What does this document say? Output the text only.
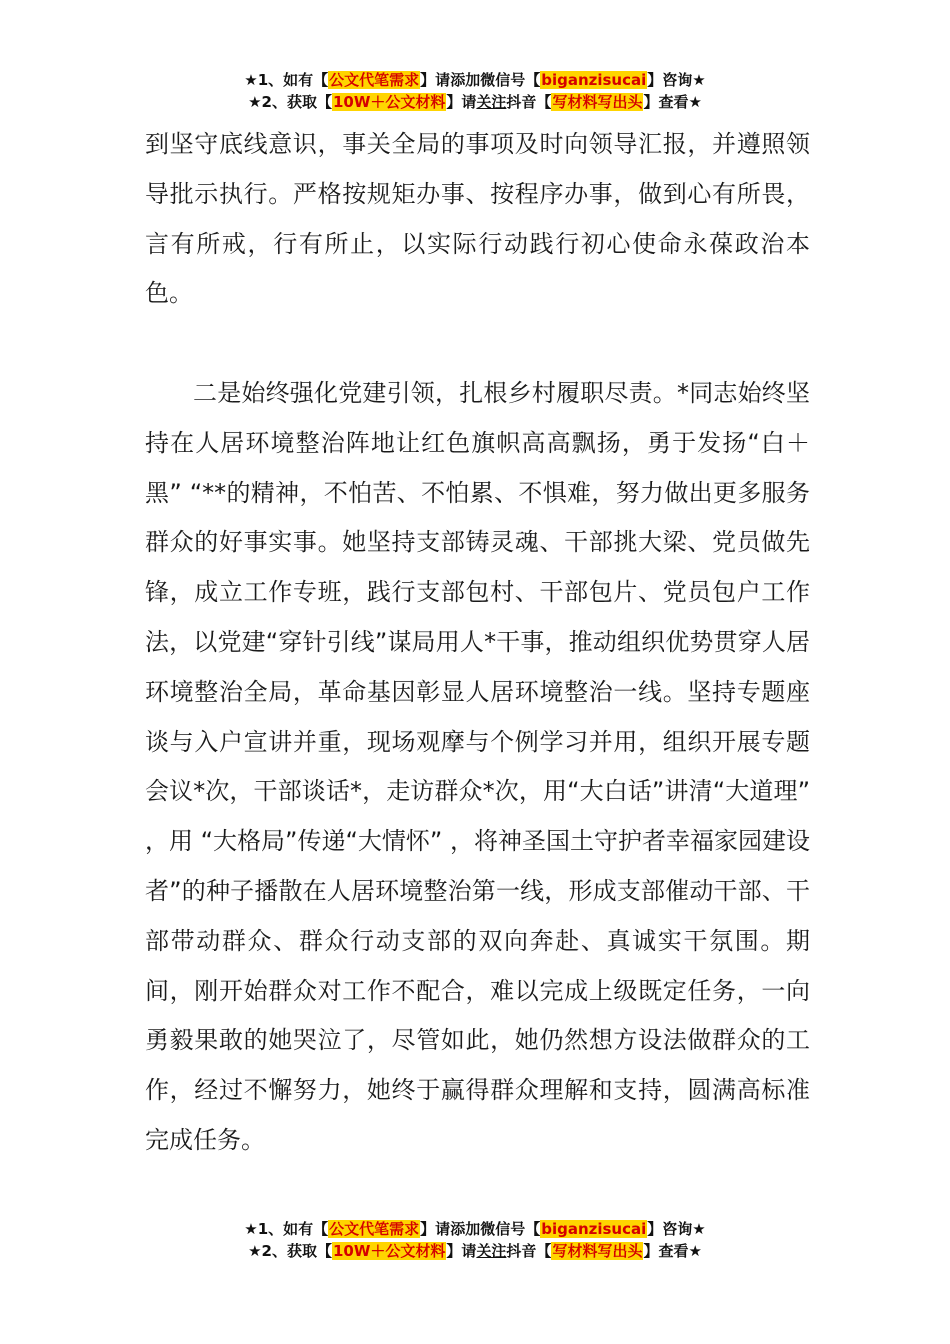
★1、如有【公文代笔需求】请添加微信号【biganzisucai】咨询★
★2、获取【10W＋公文材料】请关注抖音【写材料写出头】查看★

到坚守底线意识，事关全局的事项及时向领导汇报，并遵照领导批示执行。严格按规矩办事、按程序办事，做到心有所畏，言有所戒，行有所止，以实际行动践行初心使命永葆政治本色。

二是始终强化党建引领，扎根乡村履职尽责。*同志始终坚持在人居环境整治阵地让红色旗帜高高飘扬，勇于发扬“白＋黑” “**的精神，不怕苦、不怕累、不惧难，努力做出更多服务群众的好事实事。她坚持支部铸灵魂、干部挑大梁、党员做先锋，成立工作专班，践行支部包村、干部包片、党员包户工作法，以党建“穿针引线”谋局用人*干事，推动组织优势贯穿人居环境整治全局，革命基因彰显人居环境整治一线。坚持专题座谈与入户宣讲并重，现场观摩与个例学习并用，组织开展专题会议*次，干部谈话*，走访群众*次，用“大白话”讲清“大道理” ，用 “大格局”传递“大情怀” ，将神圣国土守护者幸福家园建设者”的种子播散在人居环境整治第一线，形成支部催动干部、干部带动群众、群众行动支部的双向奔赴、真诚实干氛围。期间，刚开始群众对工作不配合，难以完成上级既定任务，一向勇毅果敢的她哭泣了，尽管如此，她仍然想方设法做群众的工作，经过不懈努力，她终于赢得群众理解和支持，圆满高标准完成任务。

★1、如有【公文代笔需求】请添加微信号【biganzisucai】咨询★
★2、获取【10W＋公文材料】请关注抖音【写材料写出头】查看★
